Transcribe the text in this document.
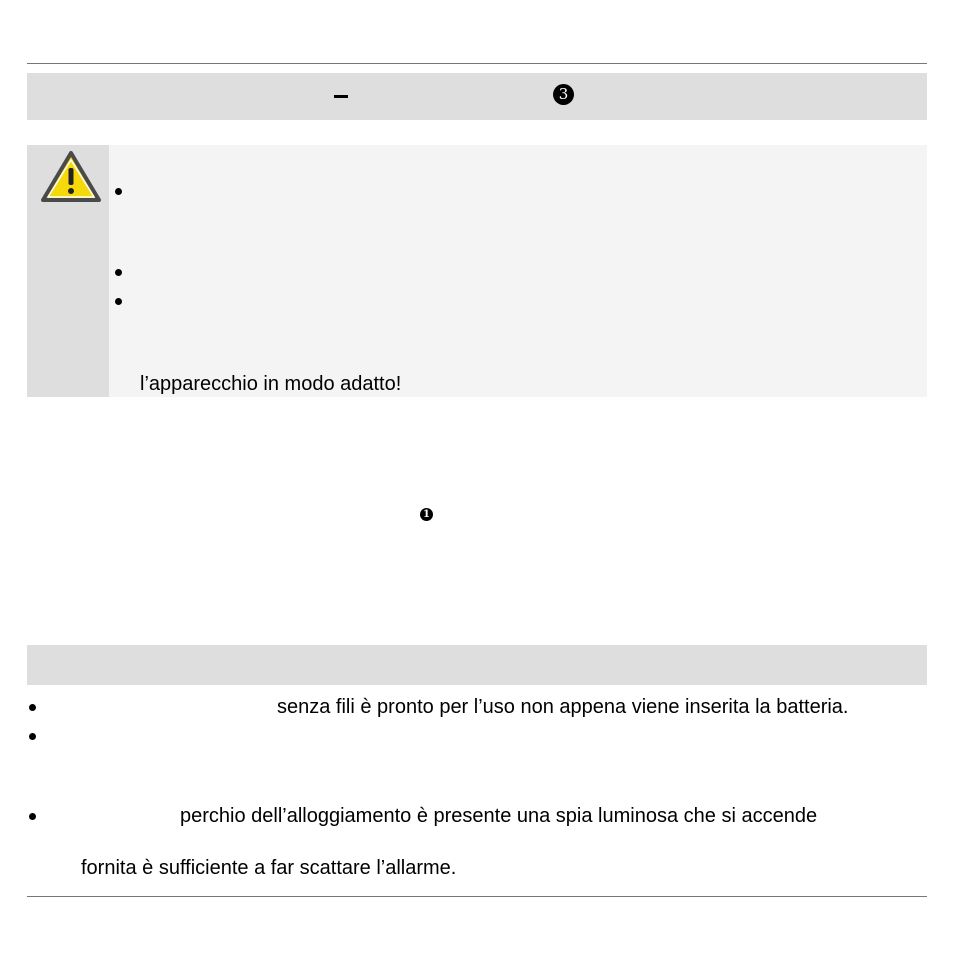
3
l’apparecchio in modo adatto!
1
senza fili è pronto per l’uso non appena viene inserita la batteria.
perchio dell’alloggiamento è presente una spia luminosa che si accende
fornita è sufficiente a far scattare l’allarme.
